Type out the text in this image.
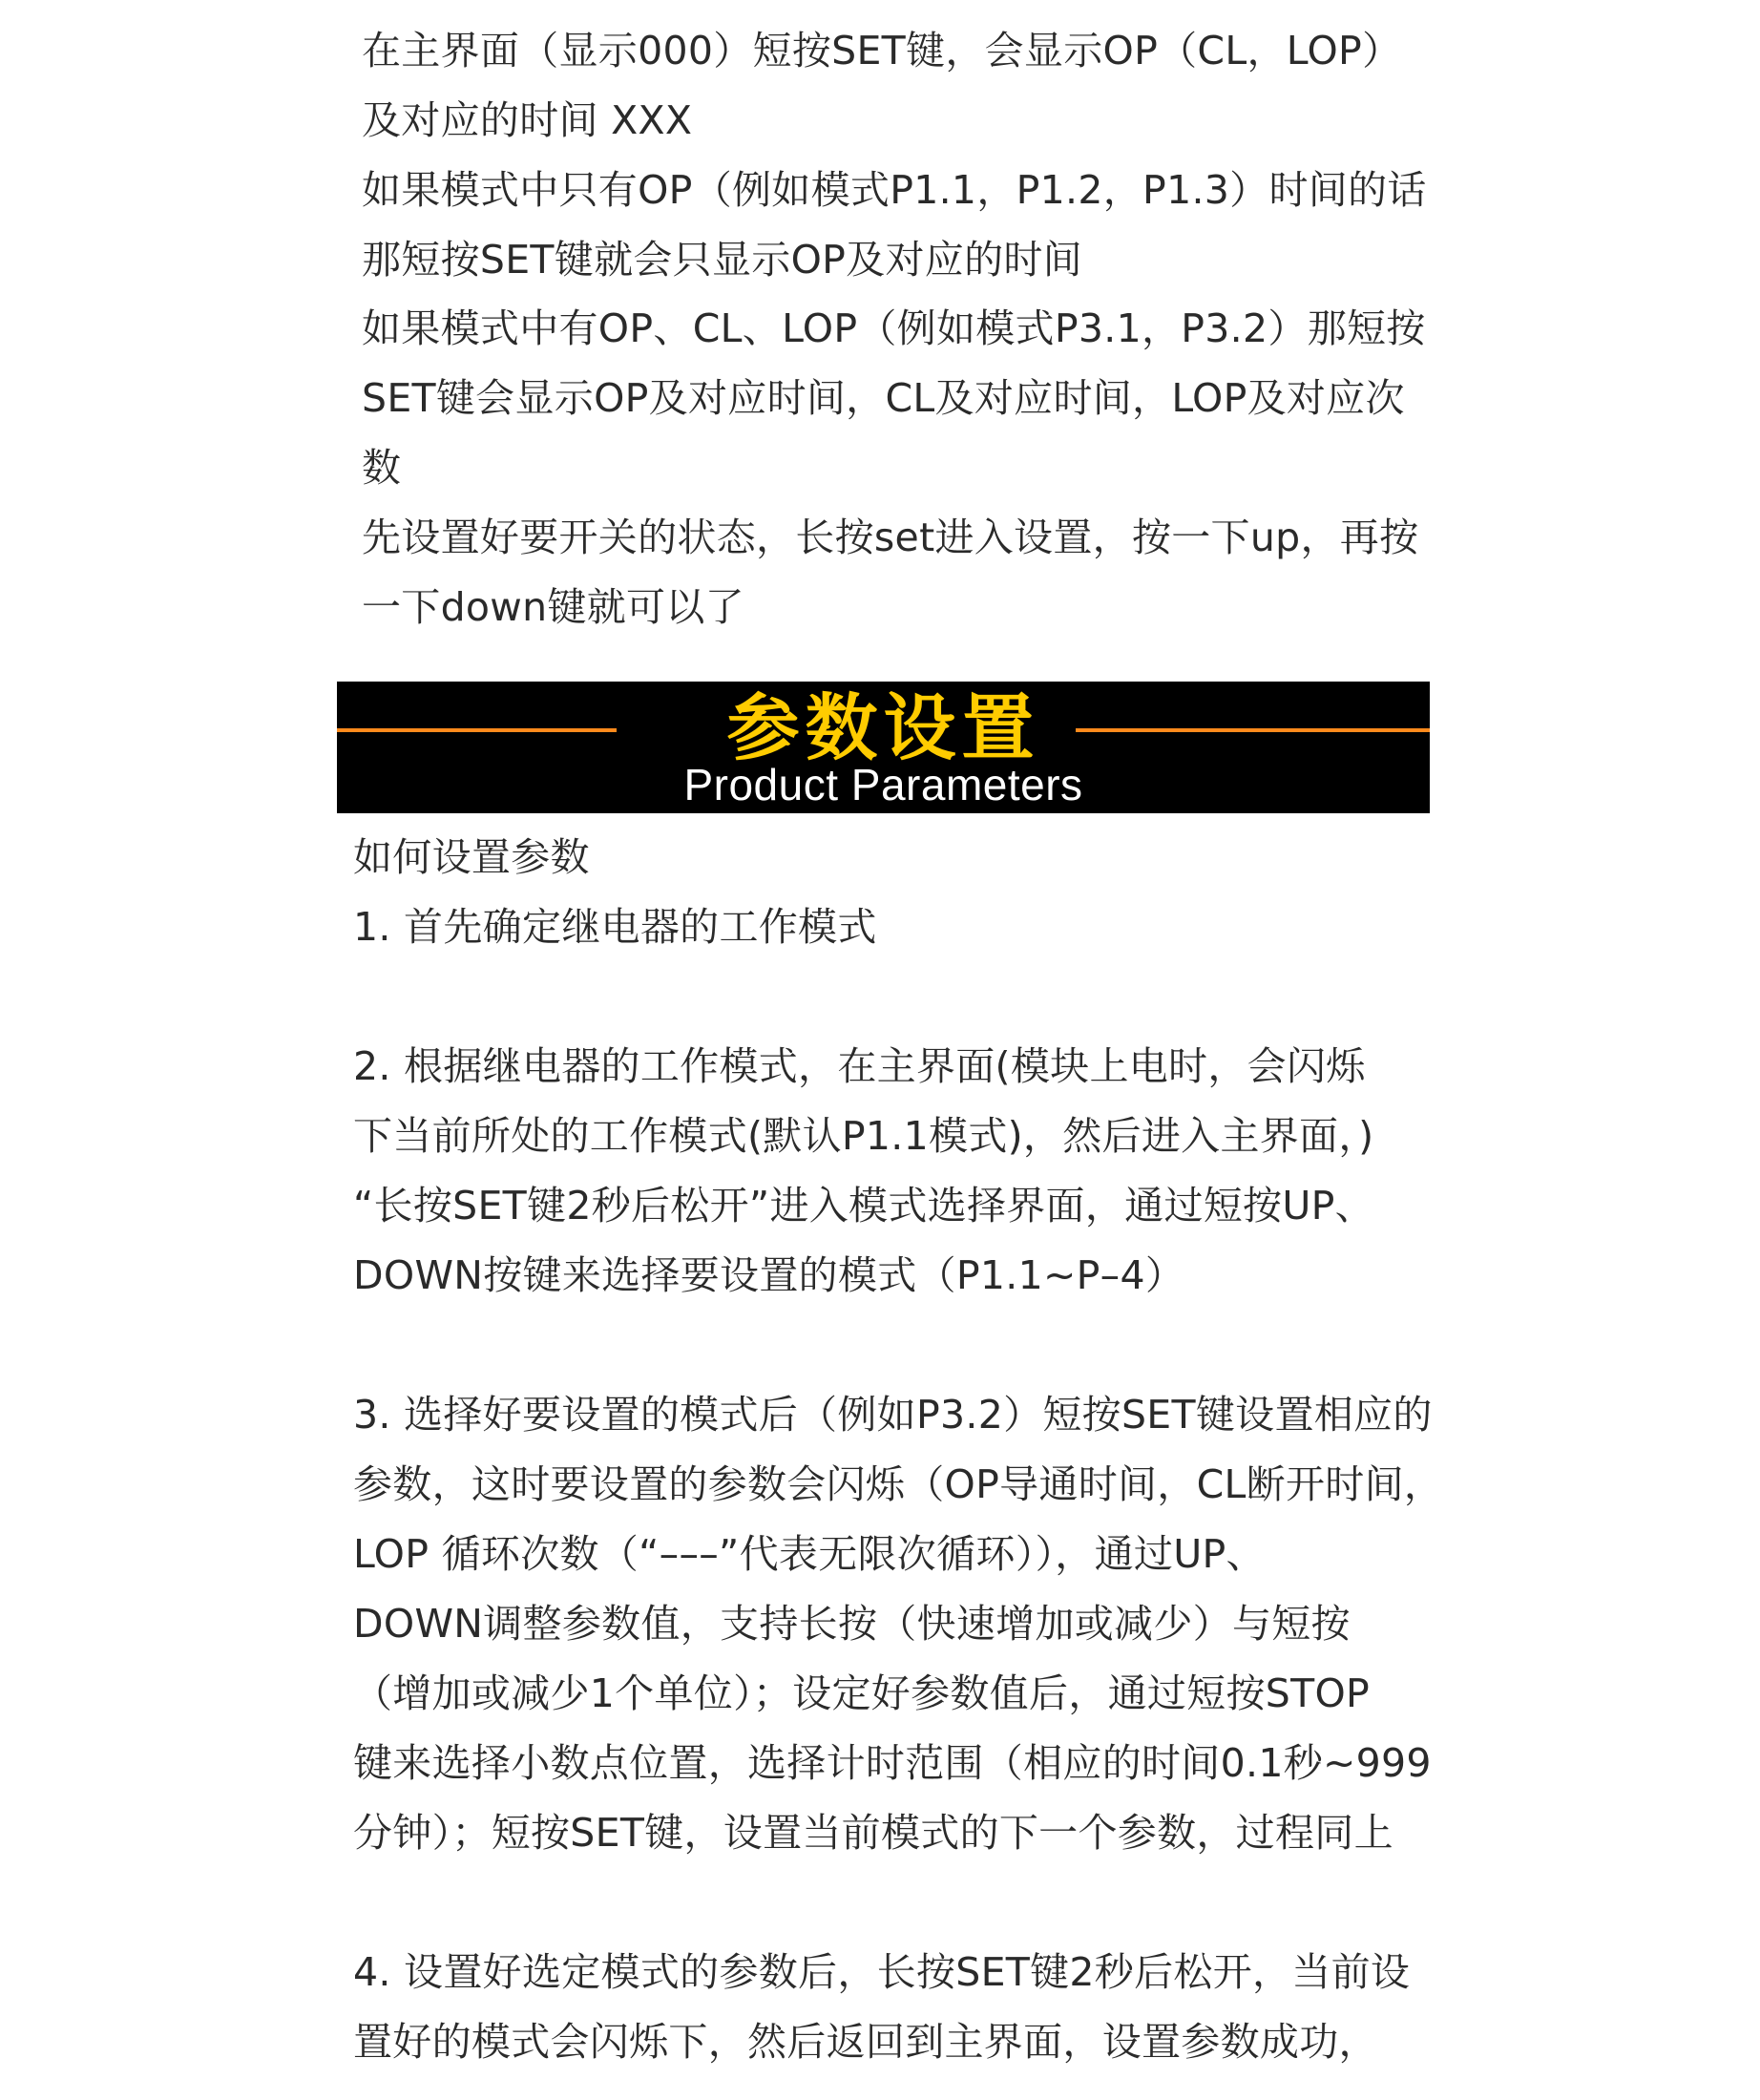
在主界面（显示000）短按SET键，会显示OP（CL，LOP）
及对应的时间 XXX
如果模式中只有OP（例如模式P1.1，P1.2，P1.3）时间的话
那短按SET键就会只显示OP及对应的时间
如果模式中有OP、CL、LOP（例如模式P3.1，P3.2）那短按
SET键会显示OP及对应时间，CL及对应时间，LOP及对应次
数
先设置好要开关的状态，长按set进入设置，按一下up，再按
一下down键就可以了
参数设置
Product Parameters
如何设置参数
1. 首先确定继电器的工作模式
2. 根据继电器的工作模式，在主界面(模块上电时，会闪烁
下当前所处的工作模式(默认P1.1模式)，然后进入主界面，)
“长按SET键2秒后松开”进入模式选择界面，通过短按UP、
DOWN按键来选择要设置的模式（P1.1~P–4）
3. 选择好要设置的模式后（例如P3.2）短按SET键设置相应的
参数，这时要设置的参数会闪烁（OP导通时间，CL断开时间，
LOP 循环次数（“–––”代表无限次循环）），通过UP、
DOWN调整参数值，支持长按（快速增加或减少）与短按
（增加或减少1个单位）；设定好参数值后，通过短按STOP
键来选择小数点位置，选择计时范围（相应的时间0.1秒~999
分钟）；短按SET键，设置当前模式的下一个参数，过程同上
4. 设置好选定模式的参数后，长按SET键2秒后松开，当前设
置好的模式会闪烁下，然后返回到主界面，设置参数成功，
